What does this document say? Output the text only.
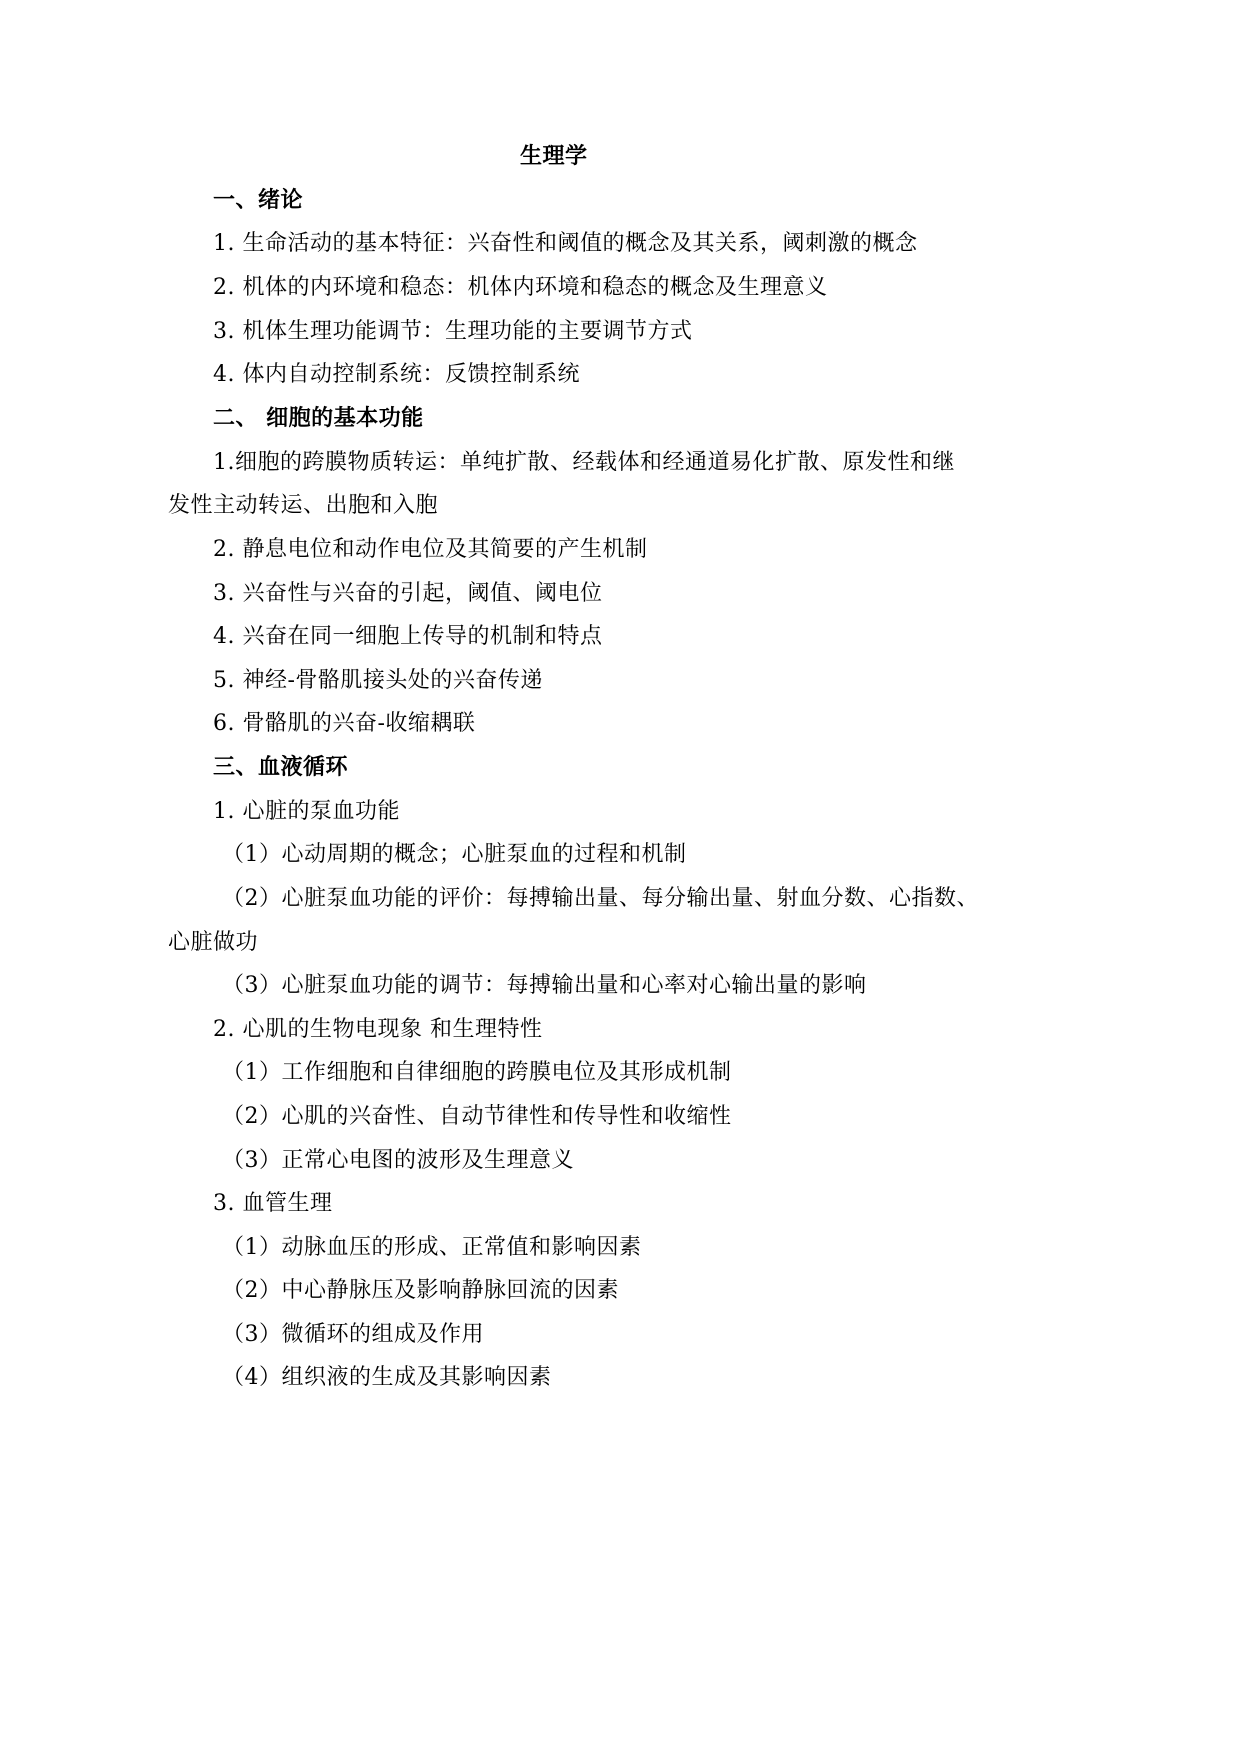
生理学
一、绪论
1. 生命活动的基本特征：兴奋性和阈值的概念及其关系，阈刺激的概念
2. 机体的内环境和稳态：机体内环境和稳态的概念及生理意义
3. 机体生理功能调节：生理功能的主要调节方式
4. 体内自动控制系统：反馈控制系统
二、 细胞的基本功能
1.细胞的跨膜物质转运：单纯扩散、经载体和经通道易化扩散、原发性和继
发性主动转运、出胞和入胞
2. 静息电位和动作电位及其简要的产生机制
3. 兴奋性与兴奋的引起，阈值、阈电位
4. 兴奋在同一细胞上传导的机制和特点
5. 神经-骨骼肌接头处的兴奋传递
6. 骨骼肌的兴奋-收缩耦联
三、血液循环
1. 心脏的泵血功能
（1）心动周期的概念；心脏泵血的过程和机制
（2）心脏泵血功能的评价：每搏输出量、每分输出量、射血分数、心指数、
心脏做功
（3）心脏泵血功能的调节：每搏输出量和心率对心输出量的影响
2. 心肌的生物电现象 和生理特性
（1）工作细胞和自律细胞的跨膜电位及其形成机制
（2）心肌的兴奋性、自动节律性和传导性和收缩性
（3）正常心电图的波形及生理意义
3. 血管生理
（1）动脉血压的形成、正常值和影响因素
（2）中心静脉压及影响静脉回流的因素
（3）微循环的组成及作用
（4）组织液的生成及其影响因素
